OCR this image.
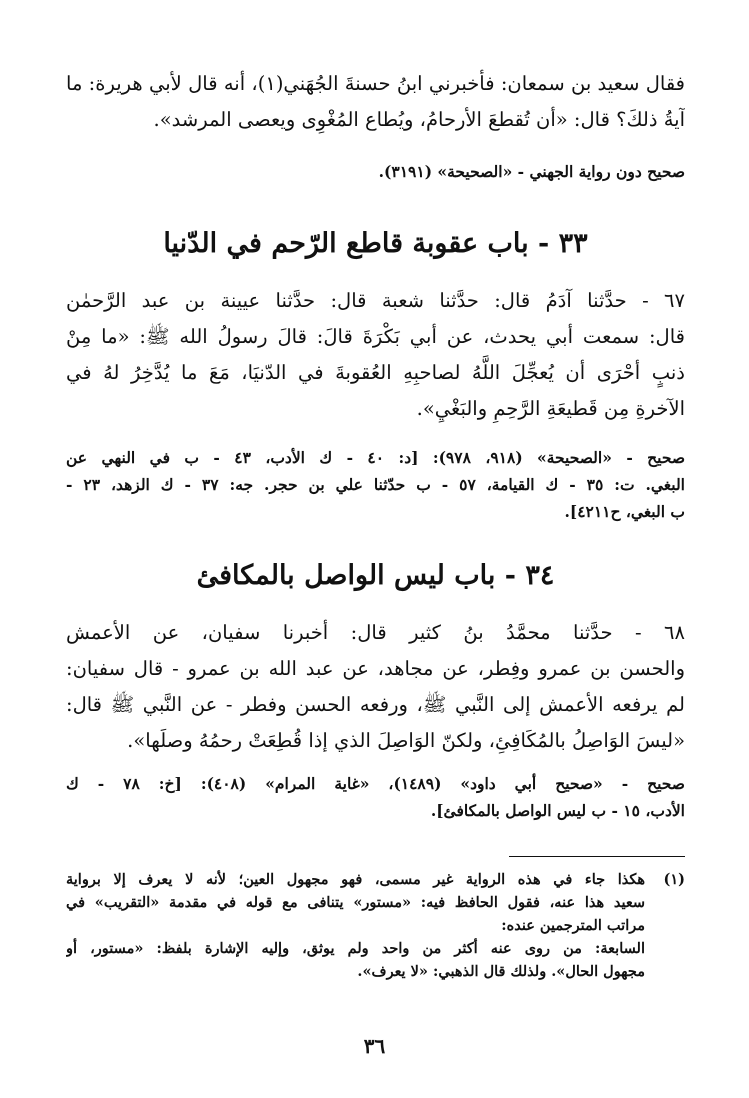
فقال سعيد بن سمعان: فأخبرني ابنُ حسنةَ الجُهَني(١)، أنه قال لأبي هريرة: ما
آيةُ ذلكَ؟ قال: «أن تُقطعَ الأرحامُ، ويُطاع المُغْوِى ويعصى المرشد».
صحيح دون رواية الجهني - «الصحيحة» (٣١٩١).
٣٣ - باب عقوبة قاطع الرّحم في الدّنيا
٦٧ - حدَّثنا آدَمُ قال: حدَّثنا شعبة قال: حدَّثنا عيينة بن عبد الرَّحمٰن
قال: سمعت أبي يحدث، عن أبي بَكْرَةَ قالَ: قالَ رسولُ الله ﷺ: «ما مِنْ
ذنبٍ أحْرَى أن يُعجِّلَ اللَّهُ لصاحبِهِ العُقوبةَ في الدّنيَا، مَعَ ما يُدَّخِرُ لهُ في
الآخرةِ مِن قَطيعَةِ الرَّحِمِ والبَغْيِ».
صحيح - «الصحيحة» (٩١٨، ٩٧٨): [د: ٤٠ - ك الأدب، ٤٣ - ب في النهي عن
البغي. ت: ٣٥ - ك القيامة، ٥٧ - ب حدّثنا علي بن حجر. جه: ٣٧ - ك الزهد، ٢٣ -
ب البغي، ح٤٢١١].
٣٤ - باب ليس الواصل بالمكافئ
٦٨ - حدَّثنا محمَّدُ بنُ كثير قال: أخبرنا سفيان، عن الأعمش
والحسن بن عمرو وفِطر، عن مجاهد، عن عبد الله بن عمرو - قال سفيان:
لم يرفعه الأعمش إلى النَّبي ﷺ، ورفعه الحسن وفطر - عن النَّبي ﷺ قال:
«ليسَ الوَاصِلُ بالمُكَافِئِ، ولكنّ الوَاصِلَ الذي إذا قُطِعَتْ رحمُهُ وصلَها».
صحيح - «صحيح أبي داود» (١٤٨٩)، «غاية المرام» (٤٠٨): [خ: ٧٨ - ك
الأدب، ١٥ - ب ليس الواصل بالمكافئ].
(١)
هكذا جاء في هذه الرواية غير مسمى، فهو مجهول العين؛ لأنه لا يعرف إلا برواية
سعيد هذا عنه، فقول الحافظ فيه: «مستور» يتنافى مع قوله في مقدمة «التقريب» في
مراتب المترجمين عنده:
السابعة: من روى عنه أكثر من واحد ولم يوثق، وإليه الإشارة بلفظ: «مستور، أو
مجهول الحال». ولذلك قال الذهبي: «لا يعرف».
٣٦
